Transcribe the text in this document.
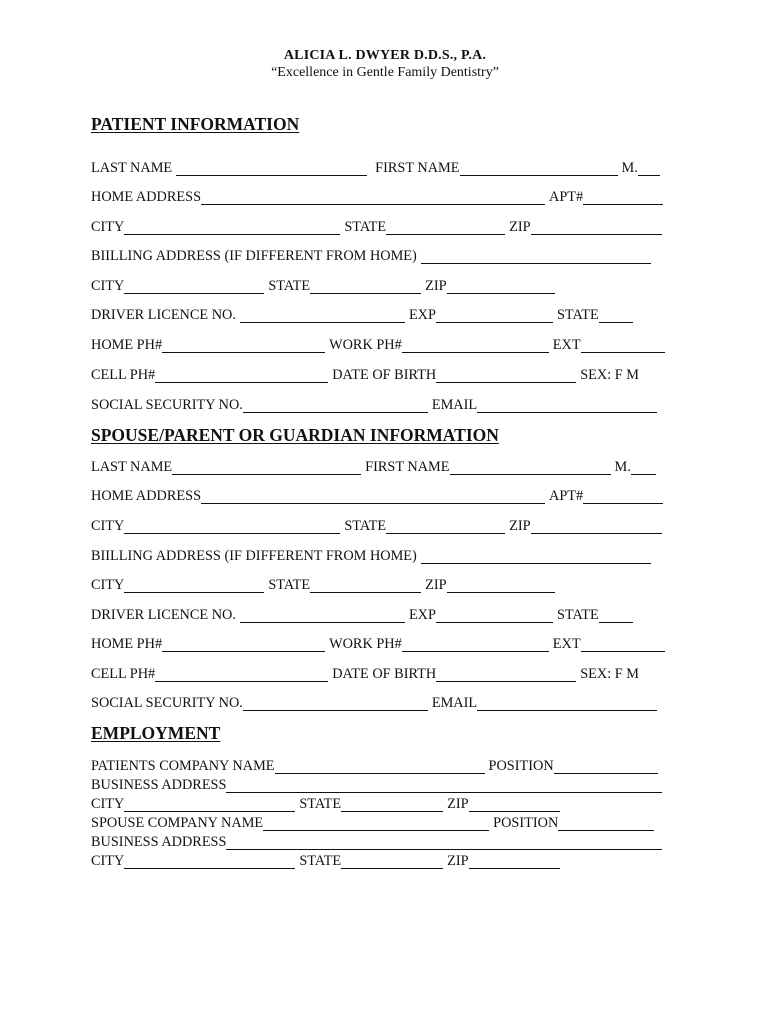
ALICIA L. DWYER D.D.S., P.A.
“Excellence in Gentle Family Dentistry”
PATIENT INFORMATION
LAST NAME	FIRST NAME	M.
HOME ADDRESS	APT#
CITY	STATE	ZIP
BIILLING ADDRESS (IF DIFFERENT FROM HOME)
CITY	STATE	ZIP
DRIVER LICENCE NO.	EXP	STATE
HOME PH#	WORK PH#	EXT
CELL PH#	DATE OF BIRTH	SEX: F M
SOCIAL SECURITY NO.	EMAIL
SPOUSE/PARENT OR GUARDIAN INFORMATION
LAST NAME	FIRST NAME	M.
HOME ADDRESS	APT#
CITY	STATE	ZIP
BIILLING ADDRESS (IF DIFFERENT FROM HOME)
CITY	STATE	ZIP
DRIVER LICENCE NO.	EXP	STATE
HOME PH#	WORK PH#	EXT
CELL PH#	DATE OF BIRTH	SEX: F M
SOCIAL SECURITY NO.	EMAIL
EMPLOYMENT
PATIENTS COMPANY NAME	POSITION
BUSINESS ADDRESS
CITY	STATE	ZIP
SPOUSE COMPANY NAME	POSITION
BUSINESS ADDRESS
CITY	STATE	ZIP
